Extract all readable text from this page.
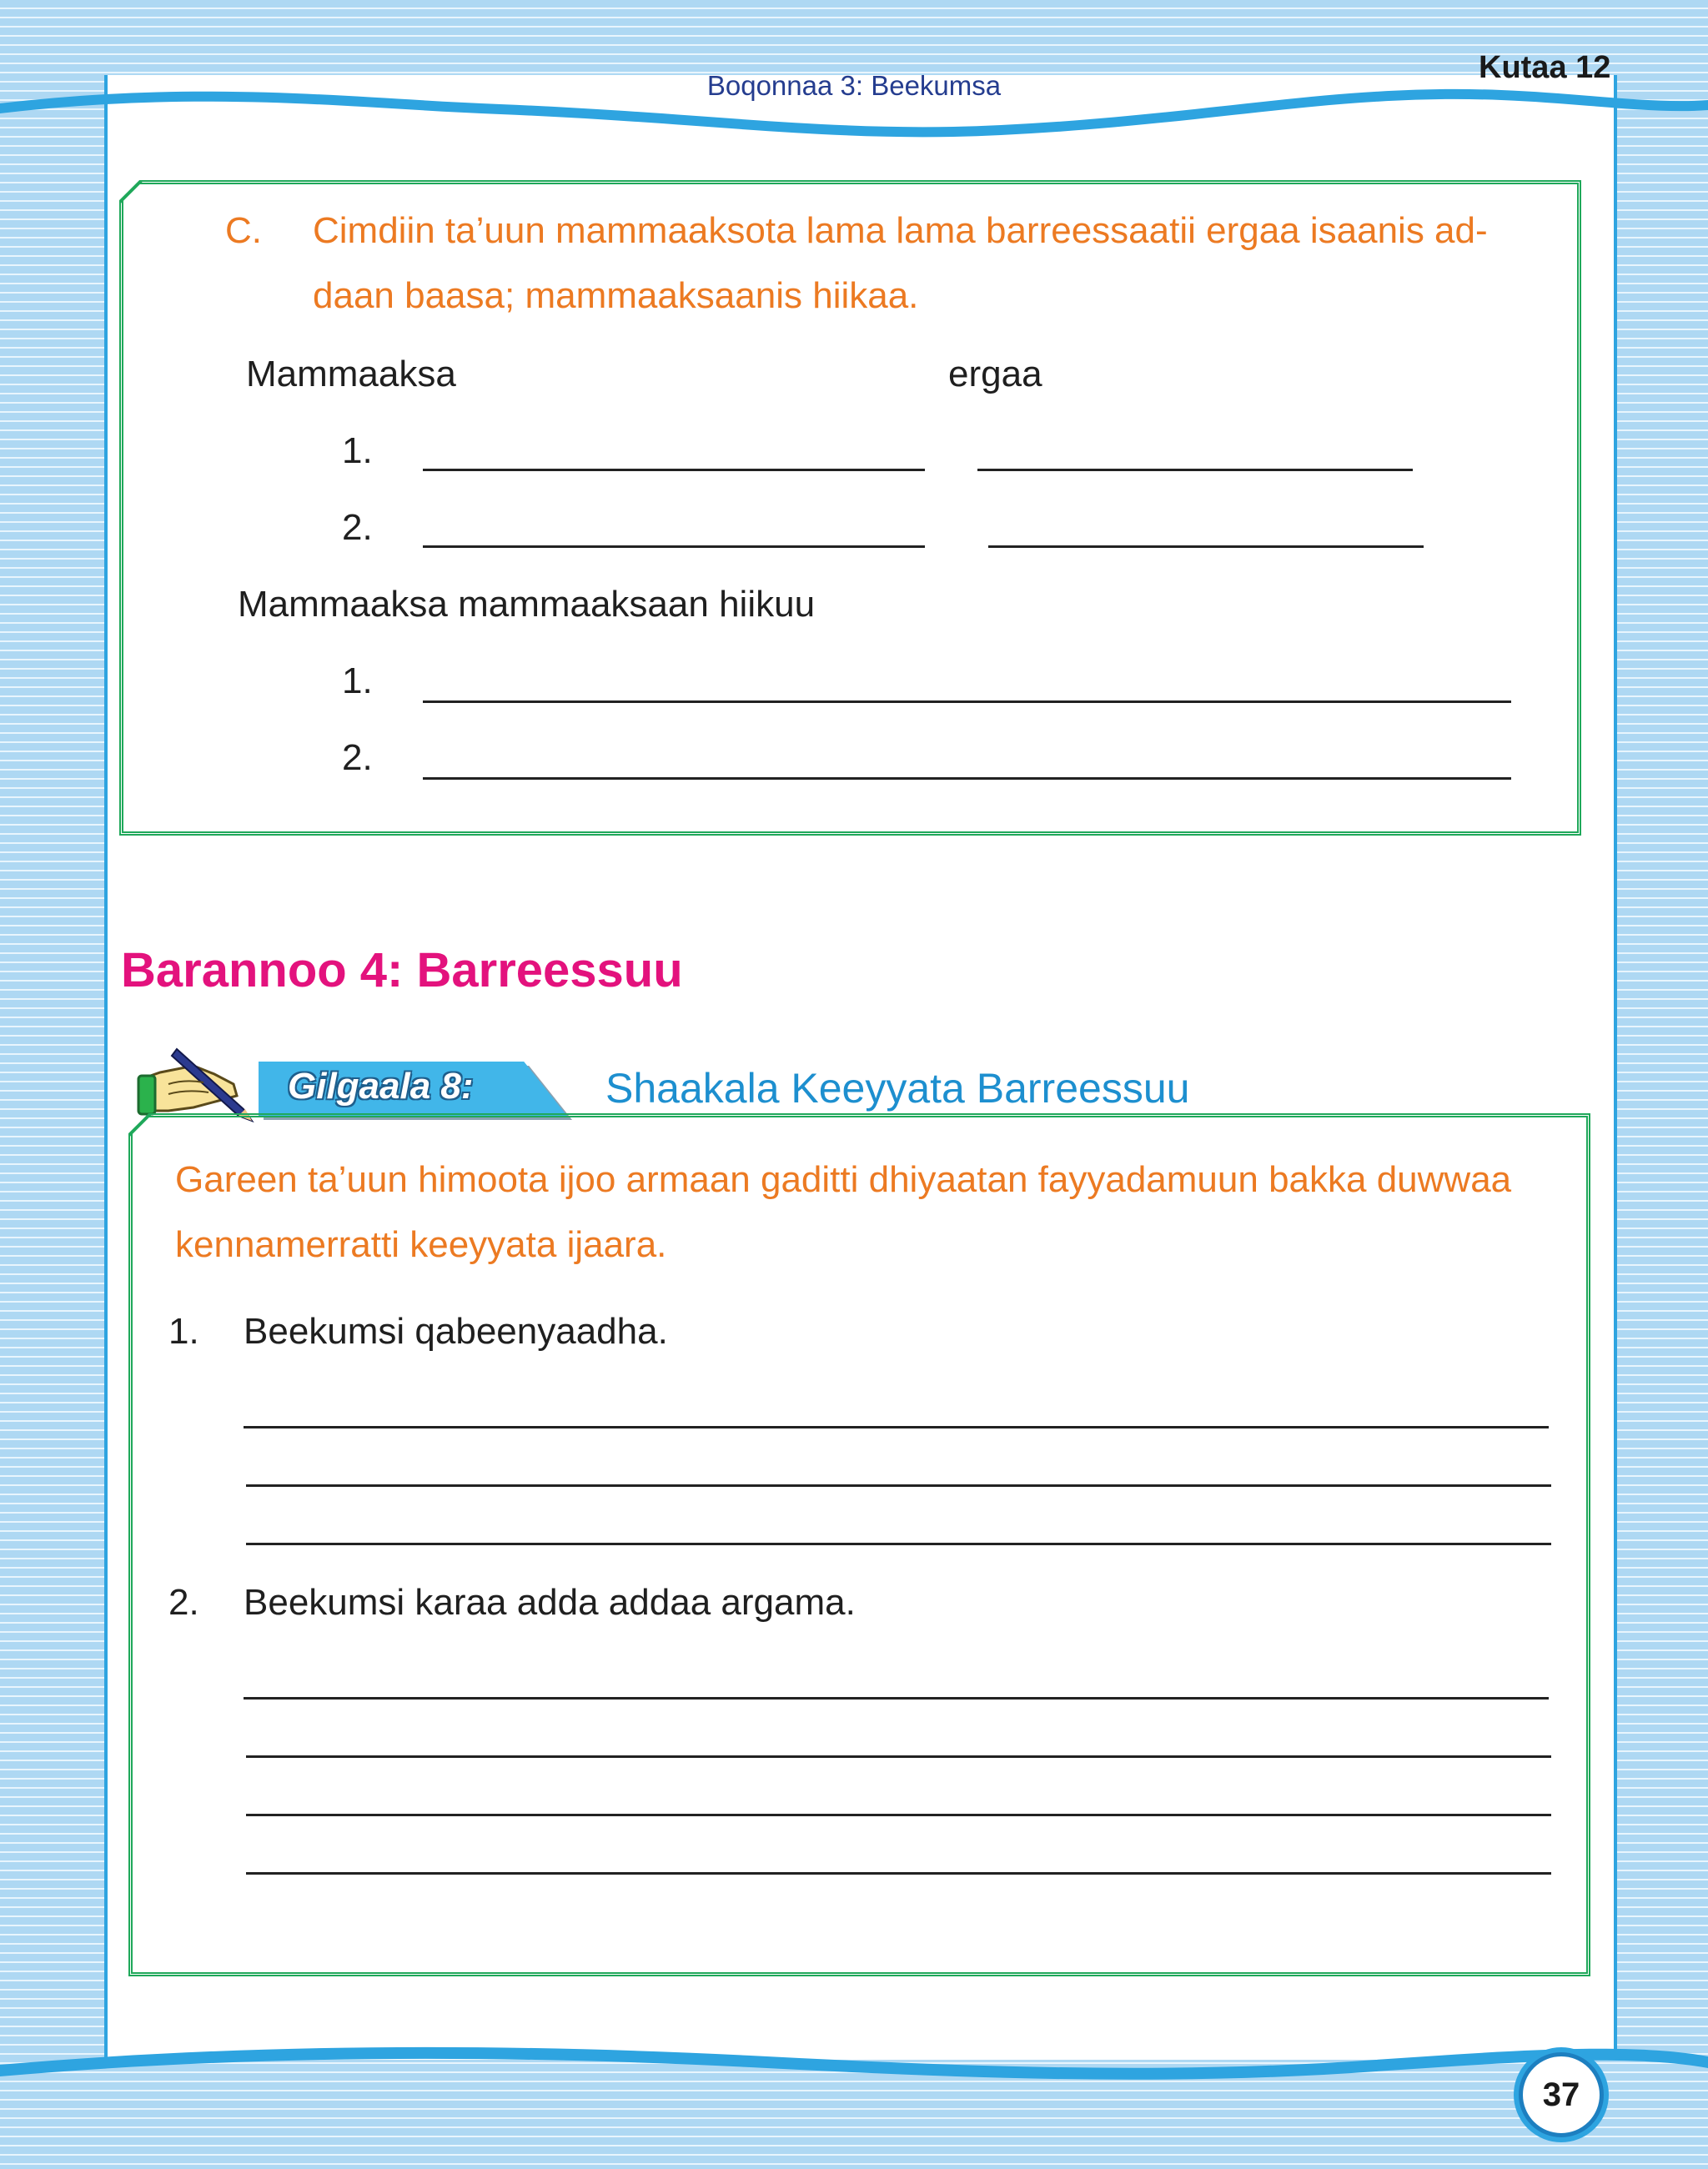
Boqonnaa 3: Beekumsa
Kutaa 12
C. Cimdiin ta’uun mammaaksota lama lama barreessaatii ergaa isaanis ad-
daan baasa; mammaaksaanis hiikaa.
Mammaaksa	ergaa
1.
2.
Mammaaksa mammaaksaan hiikuu
1.
2.
Barannoo 4: Barreessuu
Gilgaala 8:	Shaakala Keeyyata Barreessuu
Gareen ta’uun himoota ijoo armaan gaditti dhiyaatan fayyadamuun bakka duwwaa
kennamerratti keeyyata ijaara.
1. Beekumsi qabeenyaadha.
2. Beekumsi karaa adda addaa argama.
37
